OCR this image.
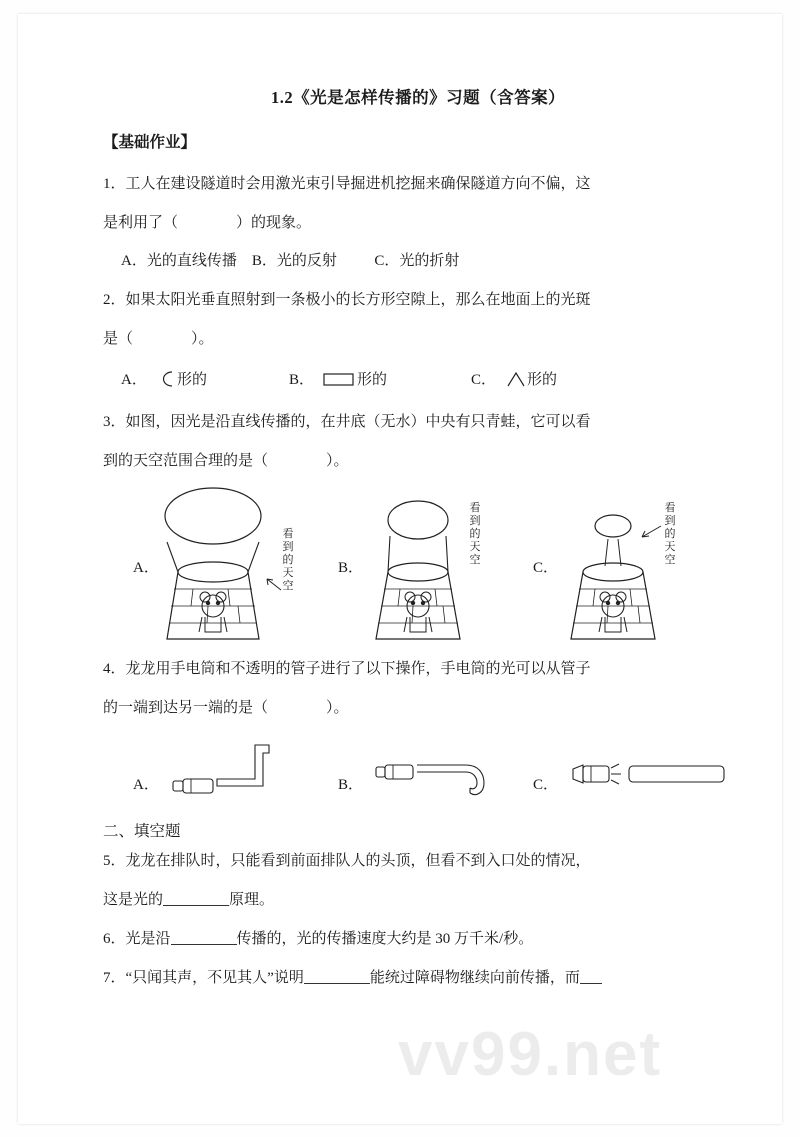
1.2《光是怎样传播的》习题（含答案）
【基础作业】
1．工人在建设隧道时会用激光束引导掘进机挖掘来确保隧道方向不偏，这
是利用了（	）的现象。
A．光的直线传播    B．光的反射          C．光的折射
2．如果太阳光垂直照射到一条极小的长方形空隙上，那么在地面上的光斑
是（	）。
A． 形的	B．	形的	C． 形的
3．如图，因光是沿直线传播的，在井底（无水）中央有只青蛙，它可以看
到的天空范围合理的是（	）。
A．
看到的天空
B．
看到的天空	C．
看到的天空
4．龙龙用手电筒和不透明的管子进行了以下操作，手电筒的光可以从管子
的一端到达另一端的是（	）。
A．	B．	C．
二、填空题
5．龙龙在排队时，只能看到前面排队人的头顶，但看不到入口处的情况，
这是光的	原理。
6．光是沿	传播的，光的传播速度大约是 30 万千米/秒。
7．“只闻其声，不见其人”说明	能统过障碍物继续向前传播，而
vv99.net
